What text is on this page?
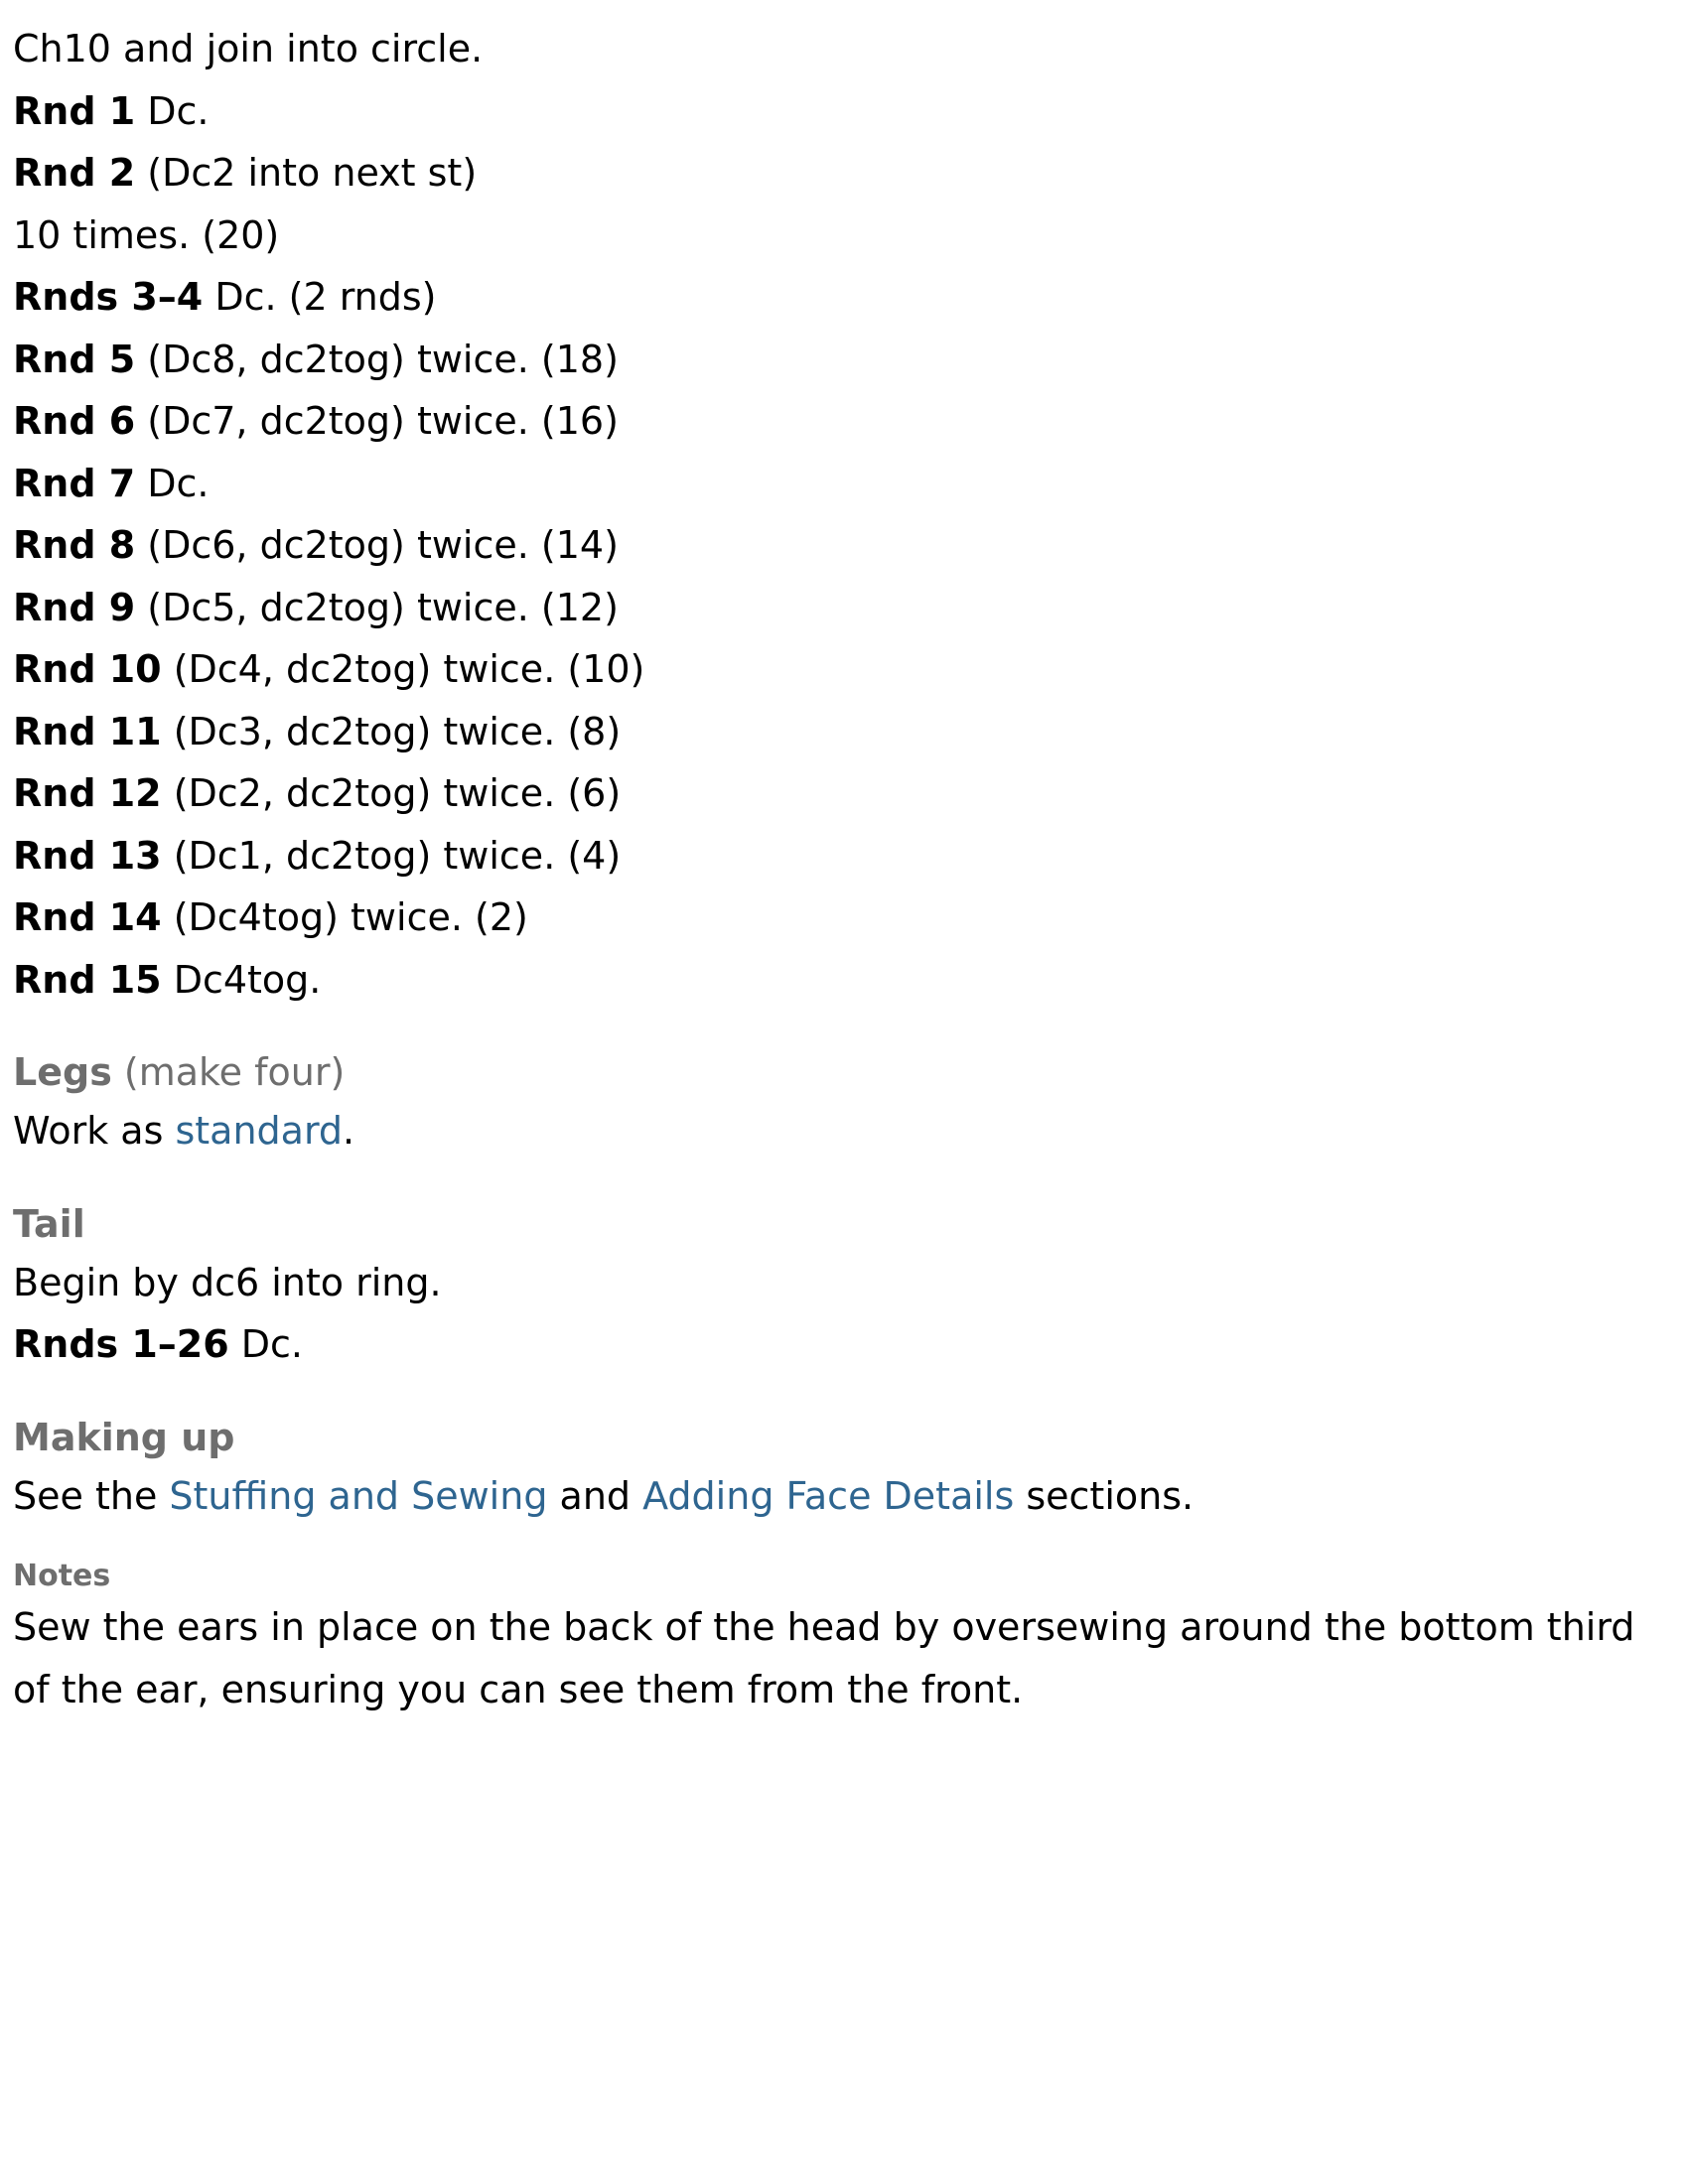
Ch10 and join into circle.
Rnd 1 Dc.
Rnd 2 (Dc2 into next st)
10 times. (20)
Rnds 3–4 Dc. (2 rnds)
Rnd 5 (Dc8, dc2tog) twice. (18)
Rnd 6 (Dc7, dc2tog) twice. (16)
Rnd 7 Dc.
Rnd 8 (Dc6, dc2tog) twice. (14)
Rnd 9 (Dc5, dc2tog) twice. (12)
Rnd 10 (Dc4, dc2tog) twice. (10)
Rnd 11 (Dc3, dc2tog) twice. (8)
Rnd 12 (Dc2, dc2tog) twice. (6)
Rnd 13 (Dc1, dc2tog) twice. (4)
Rnd 14 (Dc4tog) twice. (2)
Rnd 15 Dc4tog.
Legs (make four)
Work as standard.
Tail
Begin by dc6 into ring.
Rnds 1–26 Dc.
Making up
See the Stuffing and Sewing and Adding Face Details sections.
Notes
Sew the ears in place on the back of the head by oversewing around the bottom third of the ear, ensuring you can see them from the front.
